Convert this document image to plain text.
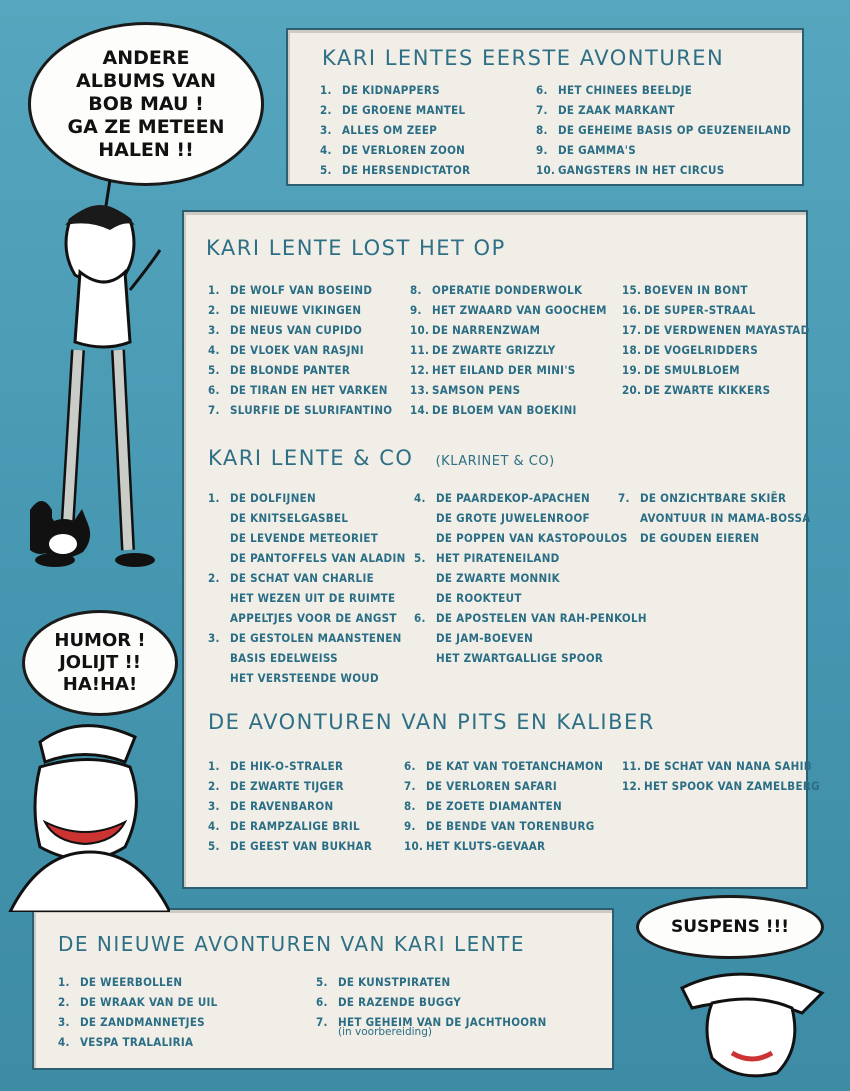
KARI LENTES EERSTE AVONTUREN
1. DE KIDNAPPERS
2. DE GROENE MANTEL
3. ALLES OM ZEEP
4. DE VERLOREN ZOON
5. DE HERSENDICTATOR
6. HET CHINEES BEELDJE
7. DE ZAAK MARKANT
8. DE GEHEIME BASIS OP GEUZENEILAND
9. DE GAMMA'S
10. GANGSTERS IN HET CIRCUS
KARI LENTE LOST HET OP
1. DE WOLF VAN BOSEIND
2. DE NIEUWE VIKINGEN
3. DE NEUS VAN CUPIDO
4. DE VLOEK VAN RASJNI
5. DE BLONDE PANTER
6. DE TIRAN EN HET VARKEN
7. SLURFIE DE SLURIFANTINO
8. OPERATIE DONDERWOLK
9. HET ZWAARD VAN GOOCHEM
10. DE NARRENZWAM
11. DE ZWARTE GRIZZLY
12. HET EILAND DER MINI'S
13. SAMSON PENS
14. DE BLOEM VAN BOEKINI
15. BOEVEN IN BONT
16. DE SUPER-STRAAL
17. DE VERDWENEN MAYASTAD
18. DE VOGELRIDDERS
19. DE SMULBLOEM
20. DE ZWARTE KIKKERS
KARI LENTE & CO (KLARINET & CO)
1. DE DOLFIJNEN
DE KNITSELGASBEL
DE LEVENDE METEORIET
DE PANTOFFELS VAN ALADIN
2. DE SCHAT VAN CHARLIE
HET WEZEN UIT DE RUIMTE
APPELTJES VOOR DE ANGST
3. DE GESTOLEN MAANSTENEN
BASIS EDELWEISS
HET VERSTEENDE WOUD
4. DE PAARDEKOP-APACHEN
DE GROTE JUWELENROOF
DE POPPEN VAN KASTOPOULOS
5. HET PIRATENEILAND
DE ZWARTE MONNIK
DE ROOKTEUT
6. DE APOSTELEN VAN RAH-PENKOLH
DE JAM-BOEVEN
HET ZWARTGALLIGE SPOOR
7. DE ONZICHTBARE SKIËR
AVONTUUR IN MAMA-BOSSA
DE GOUDEN EIEREN
DE AVONTUREN VAN PITS EN KALIBER
1. DE HIK-O-STRALER
2. DE ZWARTE TIJGER
3. DE RAVENBARON
4. DE RAMPZALIGE BRIL
5. DE GEEST VAN BUKHAR
6. DE KAT VAN TOETANCHAMON
7. DE VERLOREN SAFARI
8. DE ZOETE DIAMANTEN
9. DE BENDE VAN TORENBURG
10. HET KLUTS-GEVAAR
11. DE SCHAT VAN NANA SAHIB
12. HET SPOOK VAN ZAMELBERG
DE NIEUWE AVONTUREN VAN KARI LENTE
1. DE WEERBOLLEN
2. DE WRAAK VAN DE UIL
3. DE ZANDMANNETJES
4. VESPA TRALALIRIA
5. DE KUNSTPIRATEN
6. DE RAZENDE BUGGY
7. HET GEHEIM VAN DE JACHTHOORN
(in voorbereiding)
ANDERE
ALBUMS VAN
BOB MAU !
GA ZE METEEN
HALEN !!
HUMOR !
JOLIJT !!
HA!HA!
SUSPENS !!!
